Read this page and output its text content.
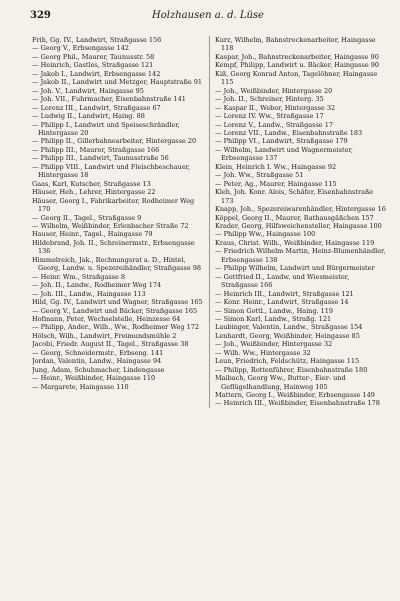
329	Holzhausen a. d. Lüse
Frih, Gg. IV., Landwirt, Straßgasse 156
— Georg V., Erbsengasse 142
— Georg Phil., Maurer, Taunusstr. 58
— Heinrich, Gastles, Straßgasse 121
— Jakob I., Landwirt, Erbsengasse 142
— Jakob II., Landwirt und Metzger, Hauptstraße 91
— Joh. V., Landwirt, Haingasse 95
— Joh. VII., Fuhrmacher, Eisenbahnstraße 141
— Lorenz III., Landwirt, Straßgasse 67
— Ludwig II., Landwirt, Haing. 88
— Philipp I., Landwirt und Speiseschrändler, Hintergasse 20
— Philipp II., Gillerbahnearbeiter, Hintergasse 20
— Philipp III., Maurer, Straßgasse 166
— Philipp III., Landwirt, Taunusstraße 56
— Philipp VIII., Landwirt und Fleischbeschauer, Hintergasse 18
Gaas, Karl, Kutscher, Straßgasse 13
Häuser, Heh., Lehrer, Hintergasse 22
Häuser, Georg I., Fabrikarbeiter, Rodheimer Weg 170
— Georg II., Tagel., Straßgasse 9
— Wilhelm, Weißbinder, Erlenbacher Straße 72
Hauser, Heinr., Tagel., Haingasse 79
Hildebrand, Joh. II., Schreinermstr., Erbsengasse 136
Himmelreich, Jak., Rechnungsrat a. D., Hintel, Georg, Landw. u. Spezereihändler, Straßgasse 98
— Heinr. Wm., Straßgasse 8
— Joh. II., Landw., Rodheimer Weg 174
— Joh. III., Landw., Haingasse 113
Hild, Gg. IV., Landwirt und Wagner, Straßgasse 165
— Georg V., Landwirt und Bäcker, Straßgasse 165
Hofmann, Peter, Wechselstelle, Heinzesse 64
— Philipp, Ander., Wilh., Ww., Rodheimer Weg 172
Hölsch, Wilh., Landwirt, Freimundsmühle 2
Jacobi, Friedr. August II., Tagel., Straßgasse 38
— Georg, Schneidermstr., Erbseng. 141
Jordan, Valentin, Landw., Haingasse 94
Jung, Adam, Schuhmacher, Lindengasse
— Heinr., Weißbinder, Haingasse 110
— Margarete, Haingasse 110
Kurz, Wilhelm, Bahnstreckenarbeiter, Haingasse 118
Kaspar, Joh., Bahnstreckenarbeiter, Haingasse 90
Kempf, Philipp, Landwirt u. Bäcker, Haingasse 90
Kiß, Georg Konrad Anton, Tagelöhner, Haingasse 115
— Joh., Weißbinder, Hintergasse 20
— Joh. II., Schreiner, Hinterg. 35
— Kaspar II., Weber, Hintergasse 32
— Lorenz IV. Ww., Straßgasse 17
— Lorenz V., Landw., Straßgasse 17
— Lorenz VII., Landw., Eisenbahnstraße 183
— Philipp VI., Landwirt, Straßgasse 179
— Wilhelm, Landwirt und Wagnermeister, Erbsengasse 137
Klein, Heinrich I. Ww., Haingasse 92
— Joh. Ww., Straßgasse 51
— Peter, Ag., Maurer, Haingasse 115
Kleh, Joh. Konr. Alois, Schäfer, Eisenbahnstraße 173
Knapp, Joh., Spezereiwarenhändler, Hintergasse 16
Köppel, Georg II., Maurer, Rathausgäßchen 157
Krader, Georg, Hilfsweichensteller, Haingasse 100
— Philipp Ww., Haingasse 100
Kraus, Christ. Wilh., Weißbinder, Haingasse 119
— Friedrich Wilhelm Martin, Heinz-Blumenhändler, Erbsengasse 138
— Philipp Wilhelm, Landwirt und Bürgermeister
— Gottfried II., Landw. und Wiesmeister, Straßgasse 166
— Heinrich III., Landwirt, Straßgasse 121
— Konr. Heinr., Landwirt, Straßgasse 14
— Simon Gottl., Landw., Haing. 119
— Simon Karl, Landw., Straßg. 121
Laubinger, Valentin, Landw., Straßgasse 154
Lenhardt, Georg, Weißbinder, Heingasse 85
— Joh., Weißbinder, Hintergasse 32
— Wilh. Ww., Hintergasse 32
Leun, Friedrich, Feldschütz, Haingasse 115
— Philipp, Rottenführer, Eisenbahnstraße 180
Maibach, Georg Ww., Butter-, Eier- und Geflügelhandlung, Hainweg 105
Mattern, Georg I., Weißbinder, Erbsengasse 149
— Heinrich III., Weißbinder, Eisenbahnstraße 178
